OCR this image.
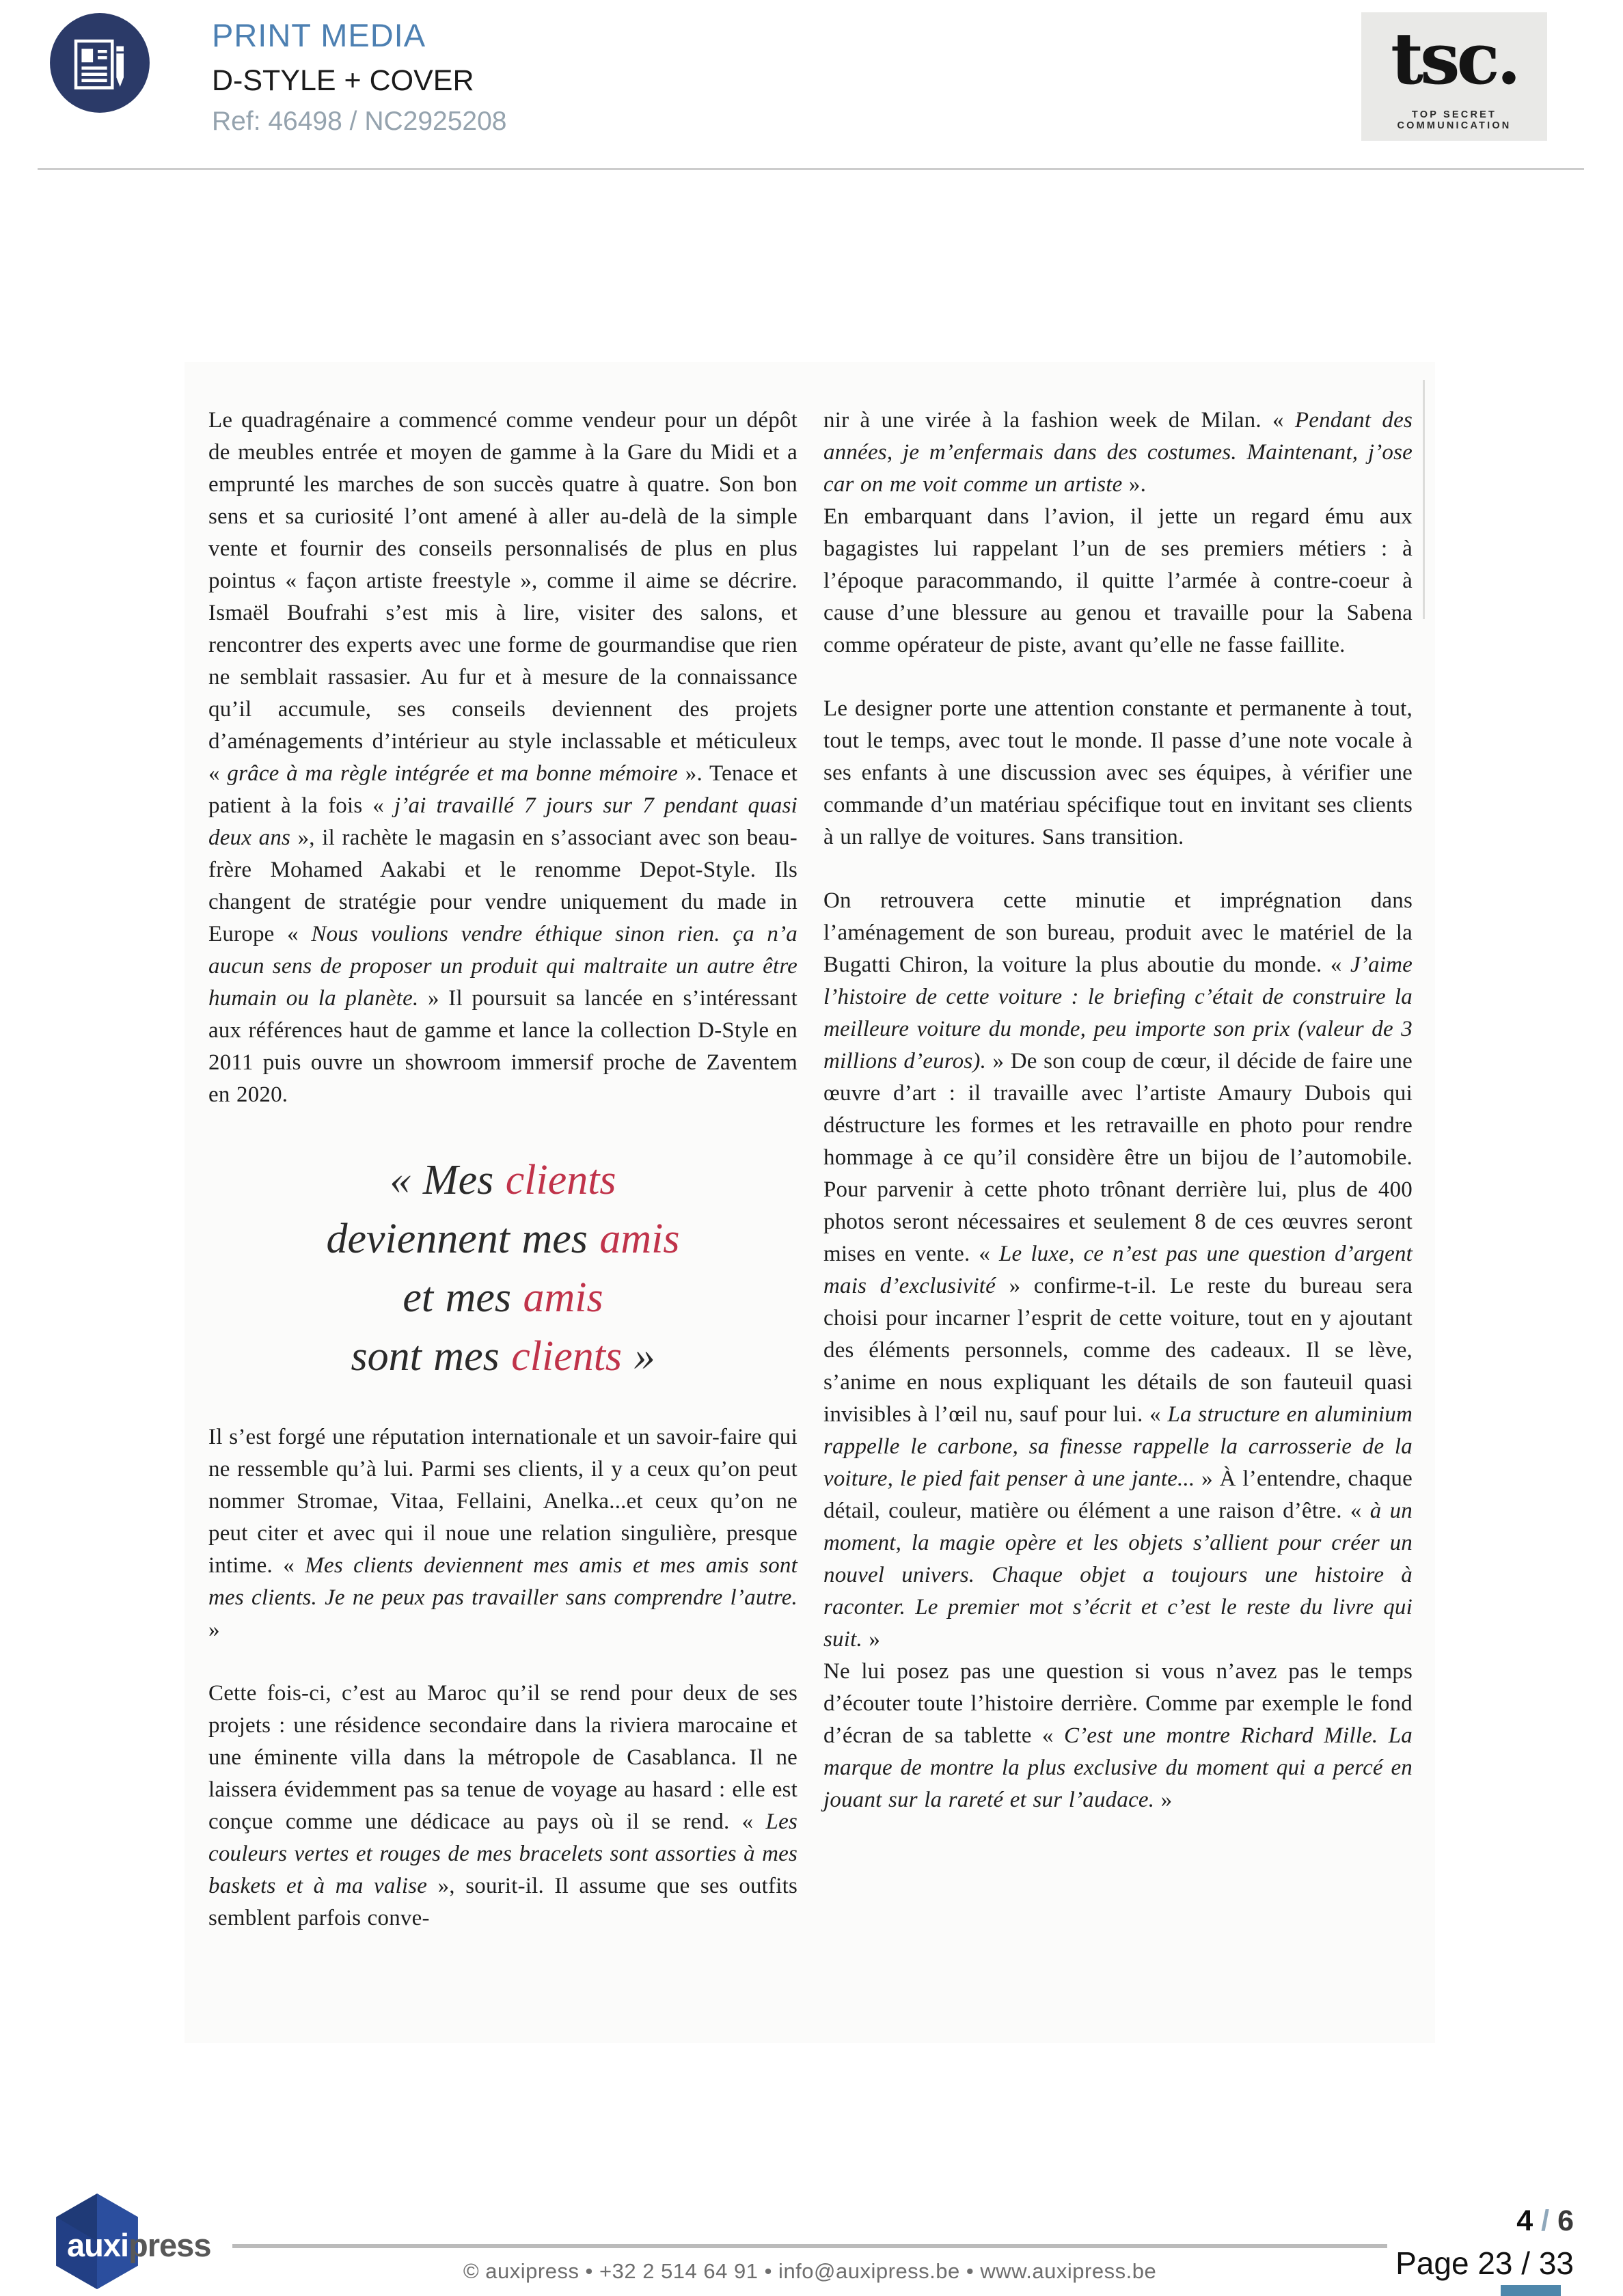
PRINT MEDIA
D-STYLE + COVER
Ref: 46498 / NC2925208
tsc.
TOP SECRET COMMUNICATION

Le quadragénaire a commencé comme vendeur pour un dépôt de meubles entrée et moyen de gamme à la Gare du Midi et a emprunté les marches de son succès quatre à quatre. Son bon sens et sa curiosité l’ont amené à aller au-delà de la simple vente et fournir des conseils personnalisés de plus en plus pointus « façon artiste freestyle », comme il aime se décrire. Ismaël Boufrahi s’est mis à lire, visiter des salons, et rencontrer des experts avec une forme de gourmandise que rien ne semblait rassasier. Au fur et à mesure de la connaissance qu’il accumule, ses conseils deviennent des projets d’aménagements d’intérieur au style inclassable et méticuleux « grâce à ma règle intégrée et ma bonne mémoire ». Tenace et patient à la fois « j’ai travaillé 7 jours sur 7 pendant quasi deux ans », il rachète le magasin en s’associant avec son beau-frère Mohamed Aakabi et le renomme Depot-Style. Ils changent de stratégie pour vendre uniquement du made in Europe « Nous voulions vendre éthique sinon rien. ça n’a aucun sens de proposer un produit qui maltraite un autre être humain ou la planète. » Il poursuit sa lancée en s’intéressant aux références haut de gamme et lance la collection D-Style en 2011 puis ouvre un showroom immersif proche de Zaventem en 2020.

« Mes clients
deviennent mes amis
et mes amis
sont mes clients »

Il s’est forgé une réputation internationale et un savoir-faire qui ne ressemble qu’à lui. Parmi ses clients, il y a ceux qu’on peut nommer Stromae, Vitaa, Fellaini, Anelka...et ceux qu’on ne peut citer et avec qui il noue une relation singulière, presque intime. « Mes clients deviennent mes amis et mes amis sont mes clients. Je ne peux pas travailler sans comprendre l’autre. »

Cette fois-ci, c’est au Maroc qu’il se rend pour deux de ses projets : une résidence secondaire dans la riviera marocaine et une éminente villa dans la métropole de Casablanca. Il ne laissera évidemment pas sa tenue de voyage au hasard : elle est conçue comme une dédicace au pays où il se rend. « Les couleurs vertes et rouges de mes bracelets sont assorties à mes baskets et à ma valise », sourit-il. Il assume que ses outfits semblent parfois conve-

nir à une virée à la fashion week de Milan. « Pendant des années, je m’enfermais dans des costumes. Maintenant, j’ose car on me voit comme un artiste ».

En embarquant dans l’avion, il jette un regard ému aux bagagistes lui rappelant l’un de ses premiers métiers : à l’époque paracommando, il quitte l’armée à contre-coeur à cause d’une blessure au genou et travaille pour la Sabena comme opérateur de piste, avant qu’elle ne fasse faillite.

Le designer porte une attention constante et permanente à tout, tout le temps, avec tout le monde. Il passe d’une note vocale à ses enfants à une discussion avec ses équipes, à vérifier une commande d’un matériau spécifique tout en invitant ses clients à un rallye de voitures. Sans transition.

On retrouvera cette minutie et imprégnation dans l’aménagement de son bureau, produit avec le matériel de la Bugatti Chiron, la voiture la plus aboutie du monde. « J’aime l’histoire de cette voiture : le briefing c’était de construire la meilleure voiture du monde, peu importe son prix (valeur de 3 millions d’euros). » De son coup de cœur, il décide de faire une œuvre d’art : il travaille avec l’artiste Amaury Dubois qui déstructure les formes et les retravaille en photo pour rendre hommage à ce qu’il considère être un bijou de l’automobile. Pour parvenir à cette photo trônant derrière lui, plus de 400 photos seront nécessaires et seulement 8 de ces œuvres seront mises en vente. « Le luxe, ce n’est pas une question d’argent mais d’exclusivité » confirme-t-il. Le reste du bureau sera choisi pour incarner l’esprit de cette voiture, tout en y ajoutant des éléments personnels, comme des cadeaux. Il se lève, s’anime en nous expliquant les détails de son fauteuil quasi invisibles à l’œil nu, sauf pour lui. « La structure en aluminium rappelle le carbone, sa finesse rappelle la carrosserie de la voiture, le pied fait penser à une jante... » À l’entendre, chaque détail, couleur, matière ou élément a une raison d’être. « à un moment, la magie opère et les objets s’allient pour créer un nouvel univers. Chaque objet a toujours une histoire à raconter. Le premier mot s’écrit et c’est le reste du livre qui suit. »

Ne lui posez pas une question si vous n’avez pas le temps d’écouter toute l’histoire derrière. Comme par exemple le fond d’écran de sa tablette « C’est une montre Richard Mille. La marque de montre la plus exclusive du moment qui a percé en jouant sur la rareté et sur l’audace. »

auxipress
© auxipress • +32 2 514 64 91 • info@auxipress.be • www.auxipress.be
4 / 6
Page 23 / 33
